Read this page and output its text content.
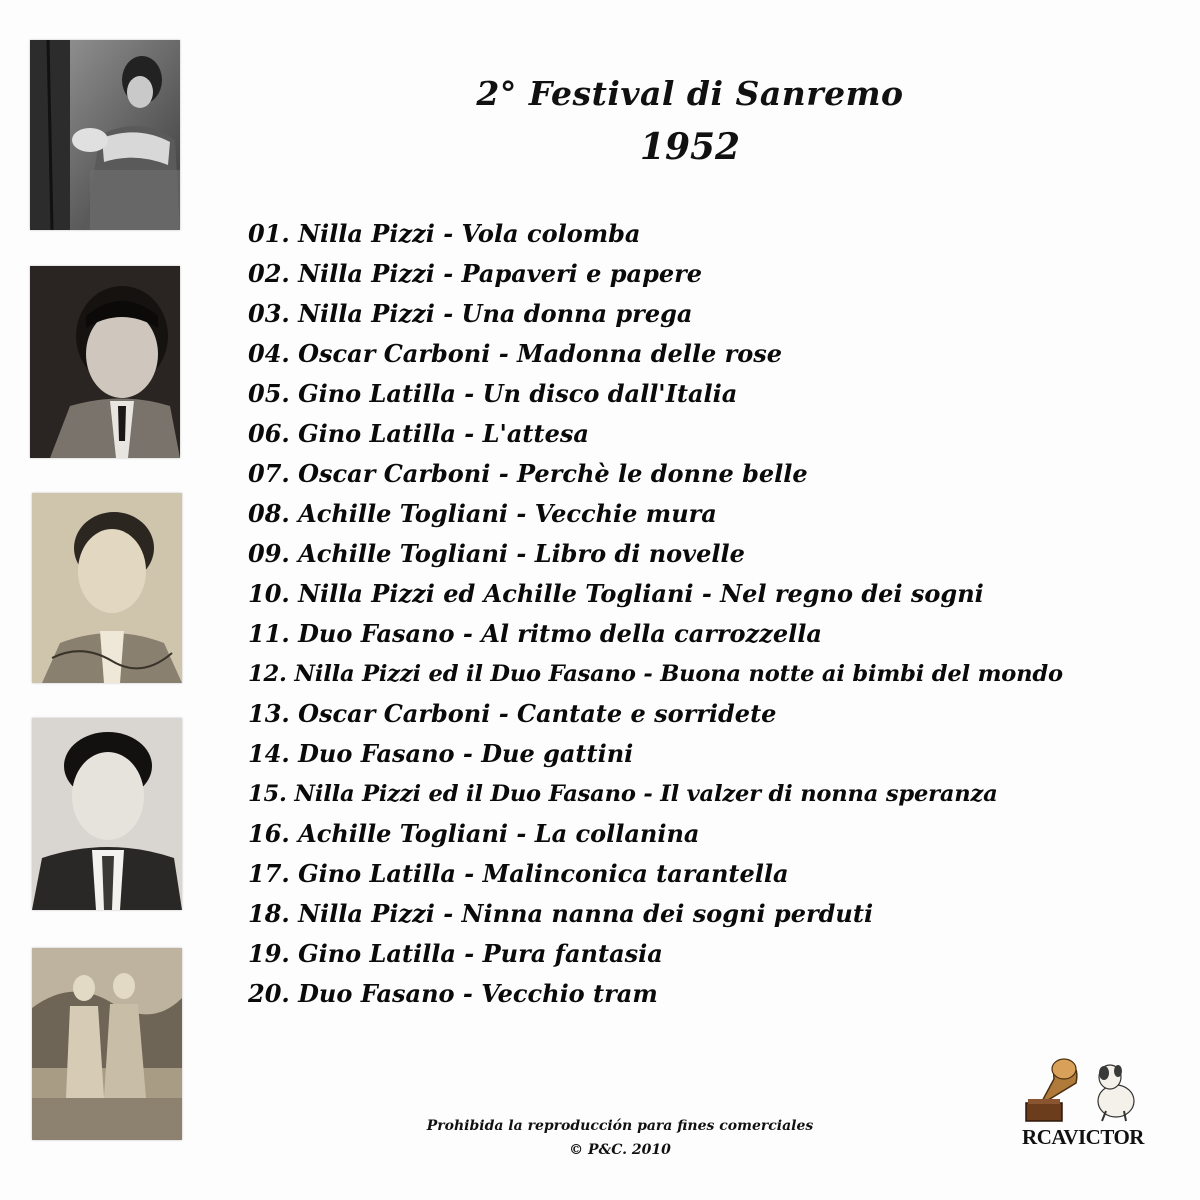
2° Festival di Sanremo
1952
01. Nilla Pizzi - Vola colomba
02. Nilla Pizzi - Papaveri e papere
03. Nilla Pizzi - Una donna prega
04. Oscar Carboni - Madonna delle rose
05. Gino Latilla - Un disco dall'Italia
06. Gino Latilla - L'attesa
07. Oscar Carboni - Perchè le donne belle
08. Achille Togliani - Vecchie mura
09. Achille Togliani - Libro di novelle
10. Nilla Pizzi ed Achille Togliani - Nel regno dei sogni
11. Duo Fasano - Al ritmo della carrozzella
12. Nilla Pizzi ed il Duo Fasano - Buona notte ai bimbi del mondo
13. Oscar Carboni - Cantate e sorridete
14. Duo Fasano - Due gattini
15. Nilla Pizzi ed il Duo Fasano - Il valzer di nonna speranza
16. Achille Togliani - La collanina
17. Gino Latilla - Malinconica tarantella
18. Nilla Pizzi - Ninna nanna dei sogni perduti
19. Gino Latilla - Pura fantasia
20. Duo Fasano - Vecchio tram
Prohibida la reproducción para fines comerciales
© P&C. 2010
RCAVICTOR
